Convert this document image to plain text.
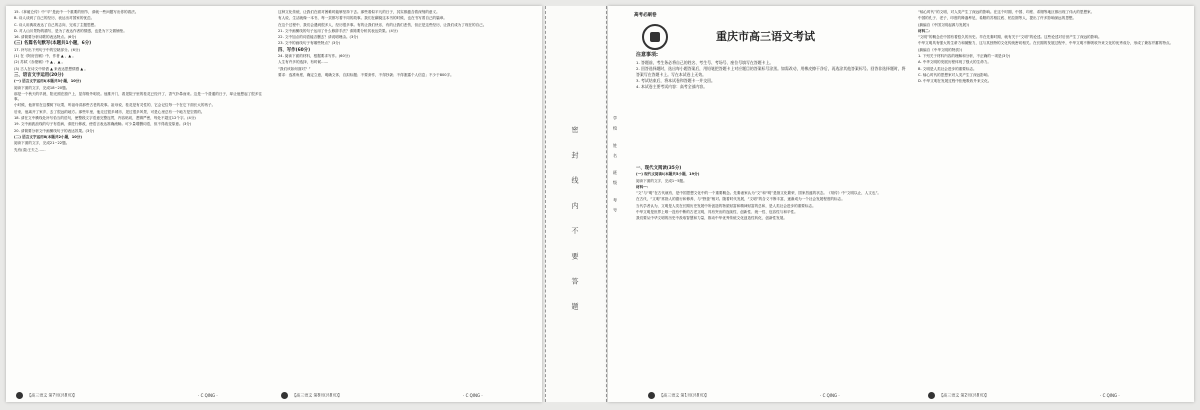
15.《拿破仑传》中“平”是此中一个重要的细节，请就一些问题写出你的看法。

B. 诗人谈到了自己的经历，表达出对国家的忧虑。

C. 诗人用典故表达了自己的志向，完成了主题思想。

D. 对人山川景物的描写，是为了表达作者的情感，也是为下文做铺垫。

16. 请简要分析诗歌的表达特点。(6分)

(三) 名篇名句默写(本题共1小题，6分)

17. 补写出下列句子中的空缺部分。(6分)

(1) 在《阿房宫赋》中，作者 ▲ ，▲ 。

(2) 苏轼《赤壁赋》中 ▲ ，▲ 。

(3) 古人在诗文中常借 ▲ 来表达思想情感 ▲ 。

三、语言文字运用(20分)

(一) 语言文字运用Ⅰ(本题共3小题，10分)

阅读下面的文字，完成18~20题。

那是一个秋天的早晨，阳光照在窗户上，显得格外明亮。他推开门，看见院子里的桂花已经开了，香气扑鼻而来。这是一个普通的日子，却让他想起了很多往事。

小时候，他常常在这棵树下玩耍，听祖母讲那些古老的故事。祖母说，桂花是有灵性的，它会记住每一个在它下面长大的孩子。

后来，他离开了家乡，去了很远的地方。那些年里，他走过很多城市，见过很多风景，可是心里总有一个地方是空着的。

18. 请在文中横线处补写恰当的语句，使整段文字语意完整连贯，内容贴切，逻辑严密，每处不超过12个字。(4分)

19. 文中画波浪线的句子有语病，请进行修改，使语言表达准确流畅。可少量增删词语，但不得改变原意。(3分)

20. 请简要分析文中画横线句子的表达效果。(3分)

(二) 语言文字运用Ⅱ(本题共2小题，10分)

阅读下面的文字，完成21~22题。

先有(清)王夫之……

这种文化传统，让我们在面对困难时能够坚持下去。那些看似平凡的日子，其实都蕴含着深刻的意义。

有人说，生活就像一本书，每一页都写着不同的故事。我们在翻阅这本书的时候，也在书写着自己的篇章。

在这个过程中，我们会遇到很多人，经历很多事。有的让我们快乐，有的让我们悲伤，但正是这些经历，让我们成为了现在的自己。

21. 文中画横线的句子运用了什么修辞手法？请简要分析其表达效果。(4分)

22. 文中加点的词语能否删去？请说明理由。(3分)

23. 文中的画线句子有哪些特点？(3分)

四、写作(60分)

24. 阅读下面的材料，根据要求写作。(60分)

人生有许多的选择，有时候……

“我们该如何面对？”

要求：选准角度，确定立意，明确文体，自拟标题；不要套作，不得抄袭；不得泄露个人信息；不少于800字。

【高三语文 第7页(共8页)】	· C QING ·	【高三语文 第8页(共8页)】	· C QING ·
密 封 线 内 不 要 答 题	学校 姓名 班级 考号
高考必刷卷
重庆市高三语文考试
注意事项:
1. 答题前，考生务必将自己的姓名、考生号、考场号、座位号填写在答题卡上。
2. 回答选择题时，选出每小题答案后，用铅笔把答题卡上对应题目的答案标号涂黑。如需改动，用橡皮擦干净后，再选涂其他答案标号。回答非选择题时，将答案写在答题卡上。写在本试卷上无效。
3. 考试结束后，将本试卷和答题卡一并交回。
4. 本试卷主要考试内容：高考全部内容。

一、现代文阅读(35分)

(一) 现代文阅读Ⅰ(本题共5小题，19分)

阅读下面的文字，完成1~5题。

材料一：

“文”与“明”在古代就有，是中国思想文化中的一个重要概念。先秦诸家认为“文”和“明”是指文化繁荣、国家昌盛的状态。《易传》中“文明以止，人文也”。

在古代，“文明”常指人的德行和修养，与“野蛮”相对。随着时代发展，“文明”的含义不断丰富，逐渐成为一个社会发展程度的标志。

当代学者认为，文明是人类在长期历史发展中所创造的物质财富和精神财富的总和，是人类社会进步的重要标志。

中华文明是世界上唯一没有中断的古老文明，具有突出的连续性、创新性、统一性、包容性与和平性。

我们要从中华文明的历史中汲取智慧和力量，推动中华优秀传统文化创造性转化、创新性发展。

“轴心时代”的文明，对人类产生了深远的影响。在这个时期，中国、印度、希腊等地区都出现了伟大的思想家。

中国的孔子、老子，印度的释迦牟尼，希腊的苏格拉底、柏拉图等人，提出了许多影响深远的思想。

(摘编自《中国文明起源与发展》)

材料二：

“文明”的概念在中国有着悠久的历史。早在先秦时期，就有关于“文明”的论述。这些论述对后世产生了深远的影响。

中华文明具有强大的生命力和凝聚力，这与其独特的文化传统密切相关。在长期的发展过程中，中华文明不断吸收外来文化的优秀成分，形成了兼容并蓄的特点。

(摘编自《中华文明的特质》)

1. 下列关于材料内容的理解和分析，不正确的一项是(3分)

A. 中华文明的发展历程体现了强大的生命力。

B. 文明是人类社会进步的重要标志。

C. 轴心时代的思想家对人类产生了深远影响。

D. 中华文明在发展过程中拒绝吸收外来文化。

【高三语文 第1页(共8页)】	· C QING ·	【高三语文 第2页(共8页)】	· C QING ·
